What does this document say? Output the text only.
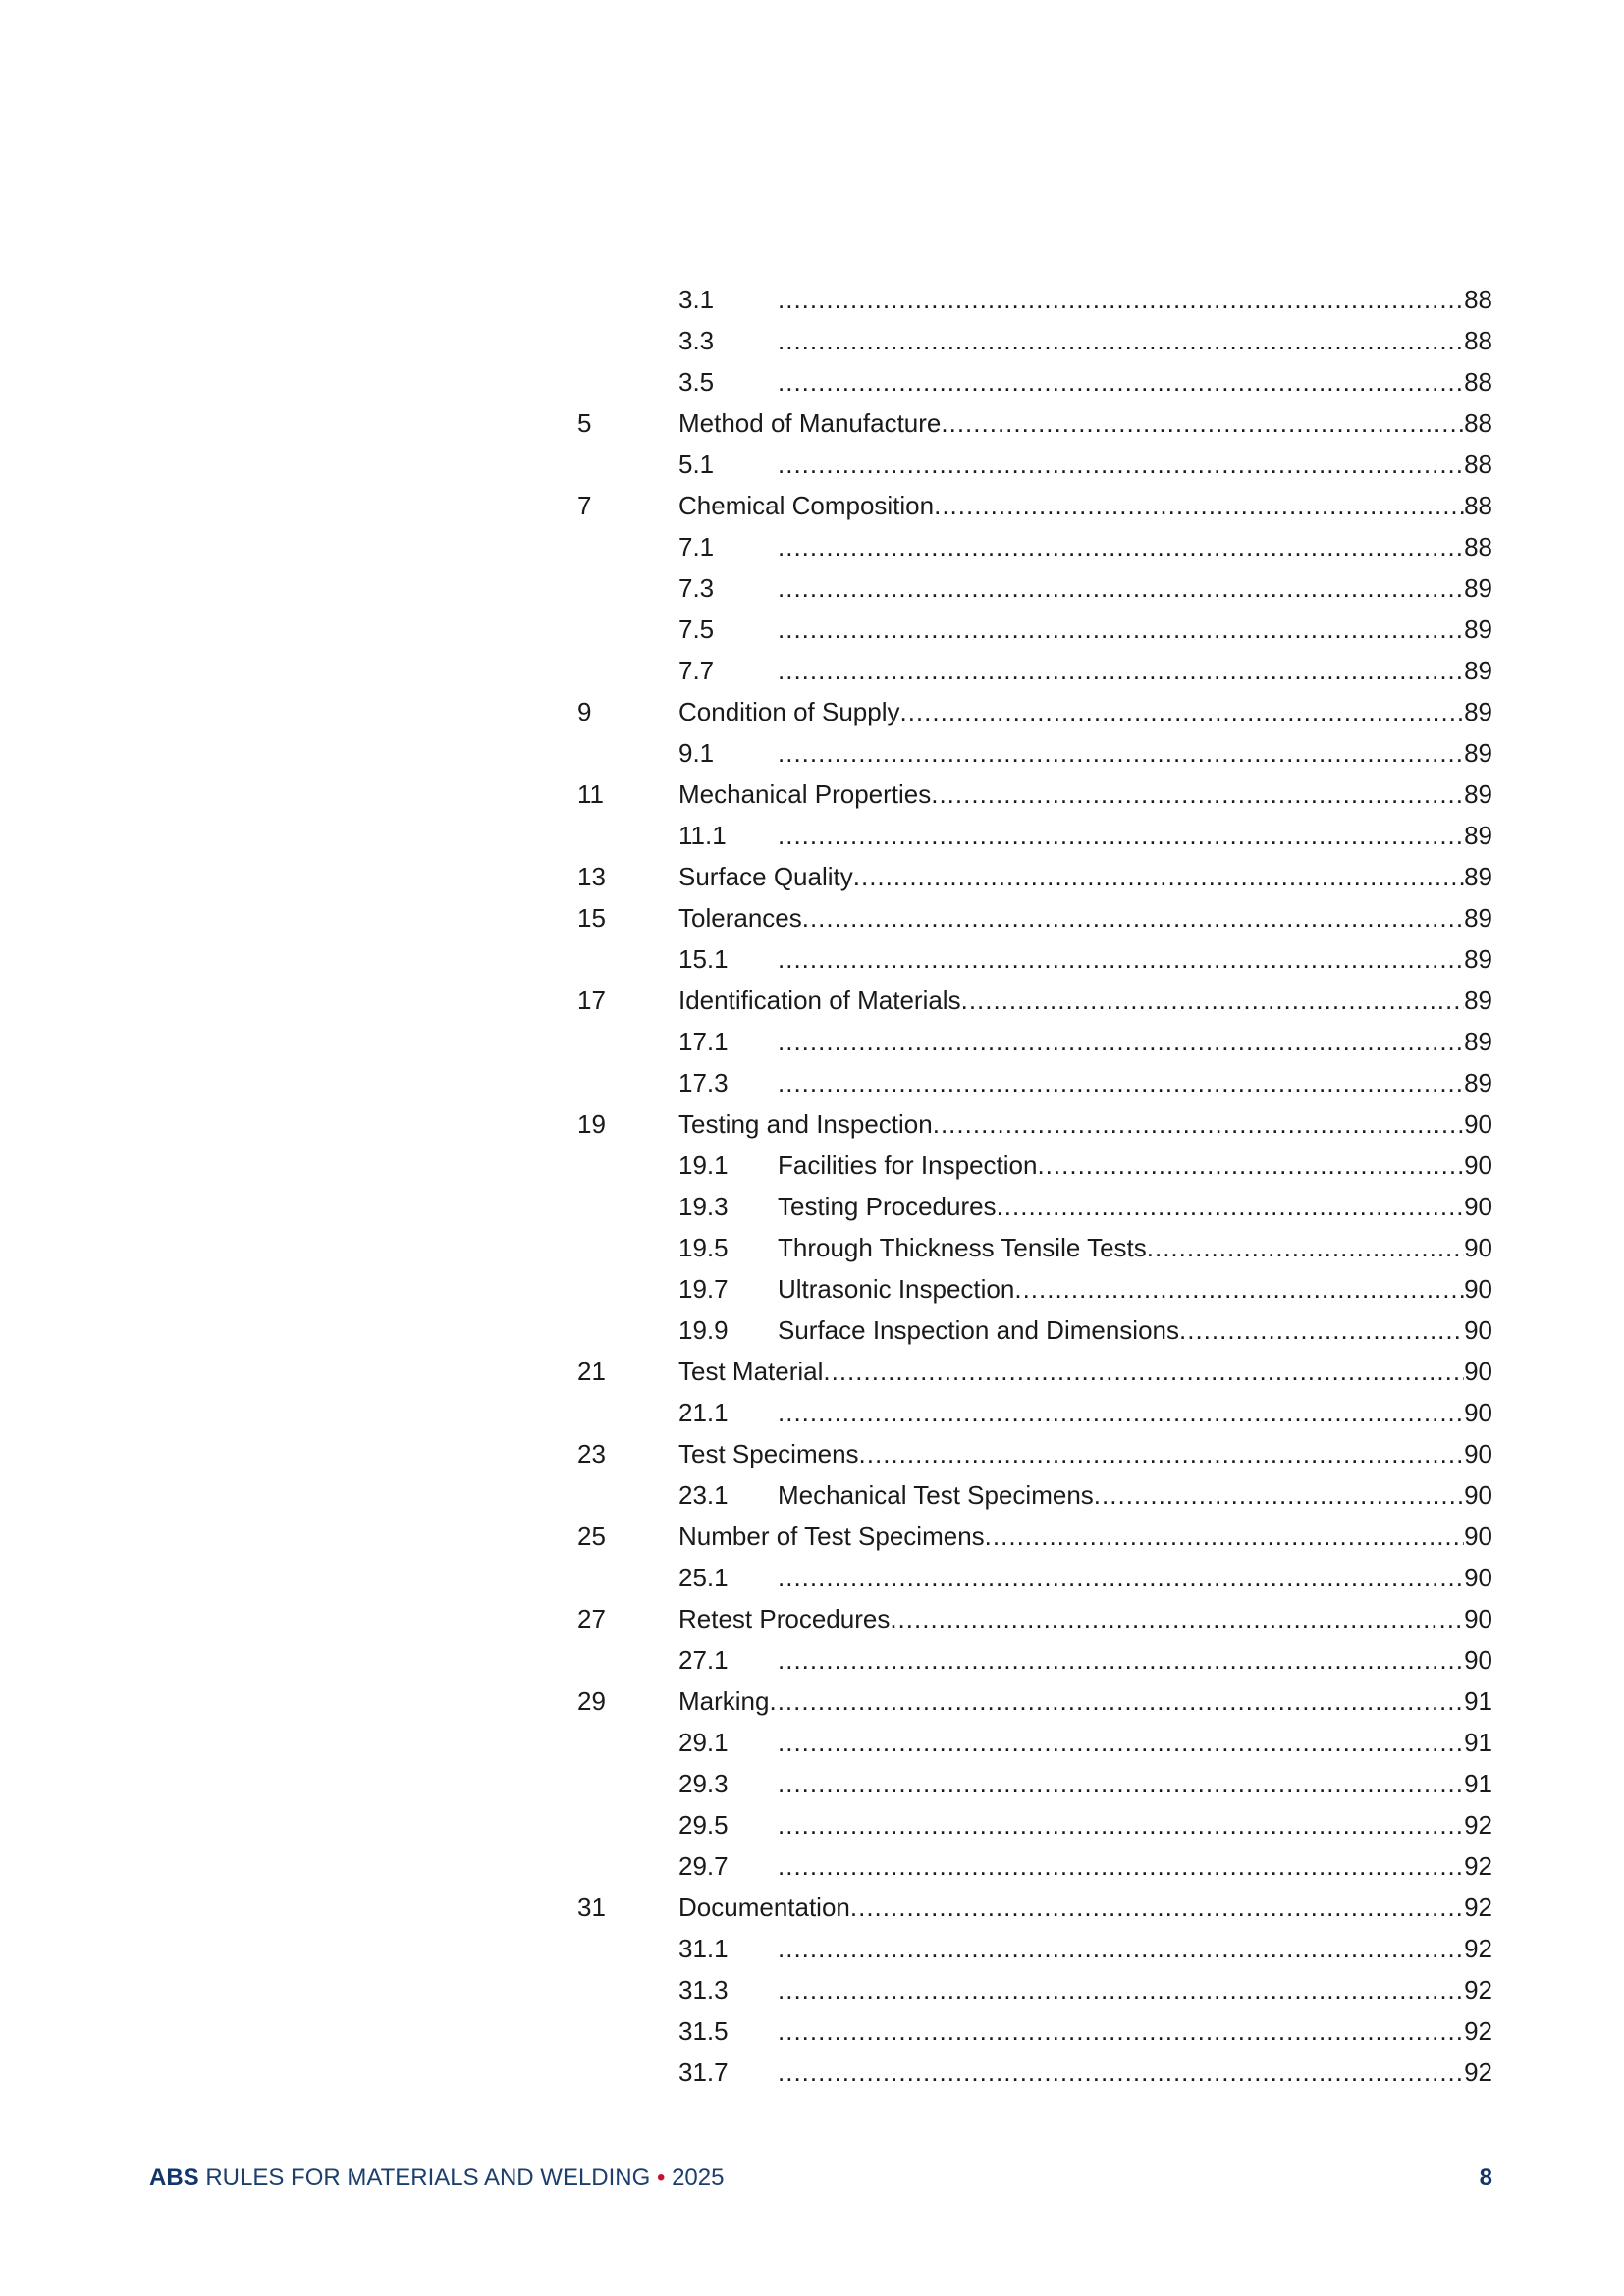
3.1 .....	88
3.3 .....	88
3.5 .....	88
5	Method of Manufacture .....	88
5.1 .....	88
7	Chemical Composition .....	88
7.1 .....	88
7.3 .....	89
7.5 .....	89
7.7 .....	89
9	Condition of Supply .....	89
9.1 .....	89
11	Mechanical Properties .....	89
11.1 .....	89
13	Surface Quality .....	89
15	Tolerances .....	89
15.1 .....	89
17	Identification of Materials .....	89
17.1 .....	89
17.3 .....	89
19	Testing and Inspection .....	90
19.1 Facilities for Inspection .....	90
19.3 Testing Procedures .....	90
19.5 Through Thickness Tensile Tests .....	90
19.7 Ultrasonic Inspection .....	90
19.9 Surface Inspection and Dimensions .....	90
21	Test Material .....	90
21.1 .....	90
23	Test Specimens .....	90
23.1 Mechanical Test Specimens .....	90
25	Number of Test Specimens .....	90
25.1 .....	90
27	Retest Procedures .....	90
27.1 .....	90
29	Marking .....	91
29.1 .....	91
29.3 .....	91
29.5 .....	92
29.7 .....	92
31	Documentation .....	92
31.1 .....	92
31.3 .....	92
31.5 .....	92
31.7 .....	92
ABS RULES FOR MATERIALS AND WELDING • 2025	8
